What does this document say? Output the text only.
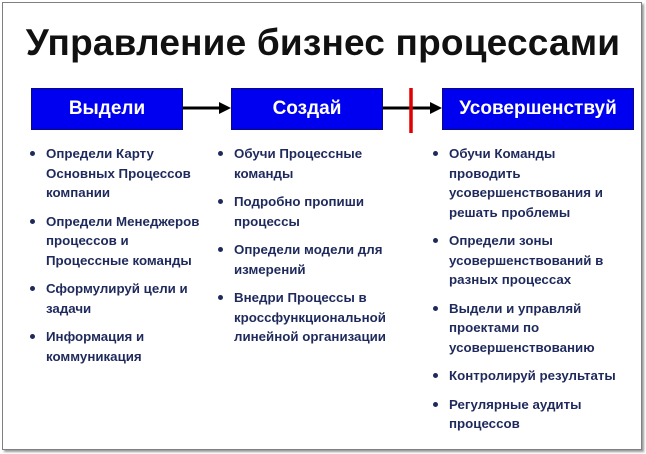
Управление бизнес процессами
Выдели	Создай	Усовершенствуй
Определи Карту Основных Процессов компании
Определи Менеджеров процессов и Процессные команды
Сформулируй цели и задачи
Информация и коммуникация
Обучи Процессные команды
Подробно пропиши процессы
Определи модели для измерений
Внедри Процессы в кроссфункциональной линейной организации
Обучи Команды проводить усовершенствования и решать проблемы
Определи зоны усовершенствований в разных процессах
Выдели и управляй проектами по усовершенствованию
Контролируй результаты
Регулярные аудиты процессов
